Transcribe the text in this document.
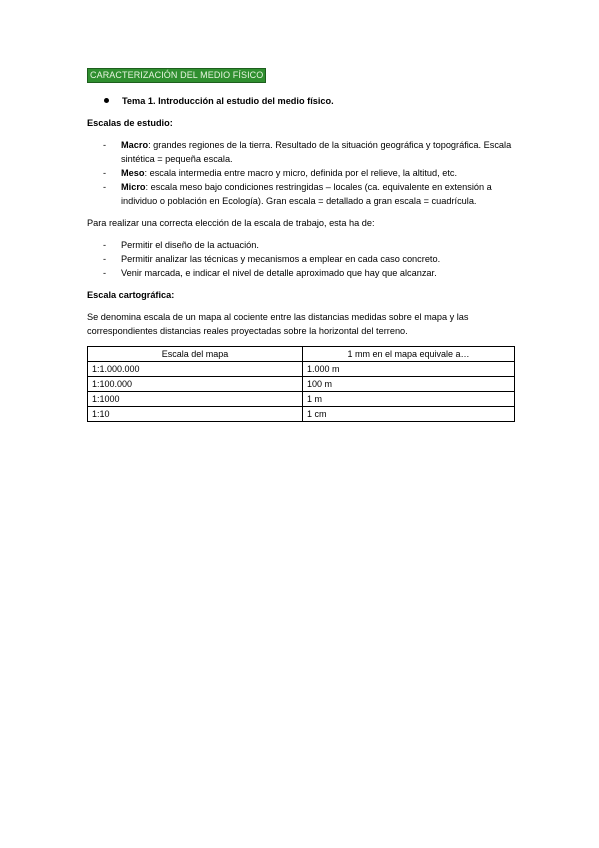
CARACTERIZACIÓN DEL MEDIO FÍSICO
Tema 1. Introducción al estudio del medio físico.
Escalas de estudio:
-	Macro: grandes regiones de la tierra. Resultado de la situación geográfica y topográfica. Escala sintética = pequeña escala.
-	Meso: escala intermedia entre macro y micro, definida por el relieve, la altitud, etc.
-	Micro: escala meso bajo condiciones restringidas – locales (ca. equivalente en extensión a individuo o población en Ecología). Gran escala = detallado a gran escala = cuadrícula.
Para realizar una correcta elección de la escala de trabajo, esta ha de:
-	Permitir el diseño de la actuación.
-	Permitir analizar las técnicas y mecanismos a emplear en cada caso concreto.
-	Venir marcada, e indicar el nivel de detalle aproximado que hay que alcanzar.
Escala cartográfica:
Se denomina escala de un mapa al cociente entre las distancias medidas sobre el mapa y las correspondientes distancias reales proyectadas sobre la horizontal del terreno.
Escala del mapa	1 mm en el mapa equivale a…
1:1.000.000	1.000 m
1:100.000	100 m
1:1000	1 m
1:10	1 cm
